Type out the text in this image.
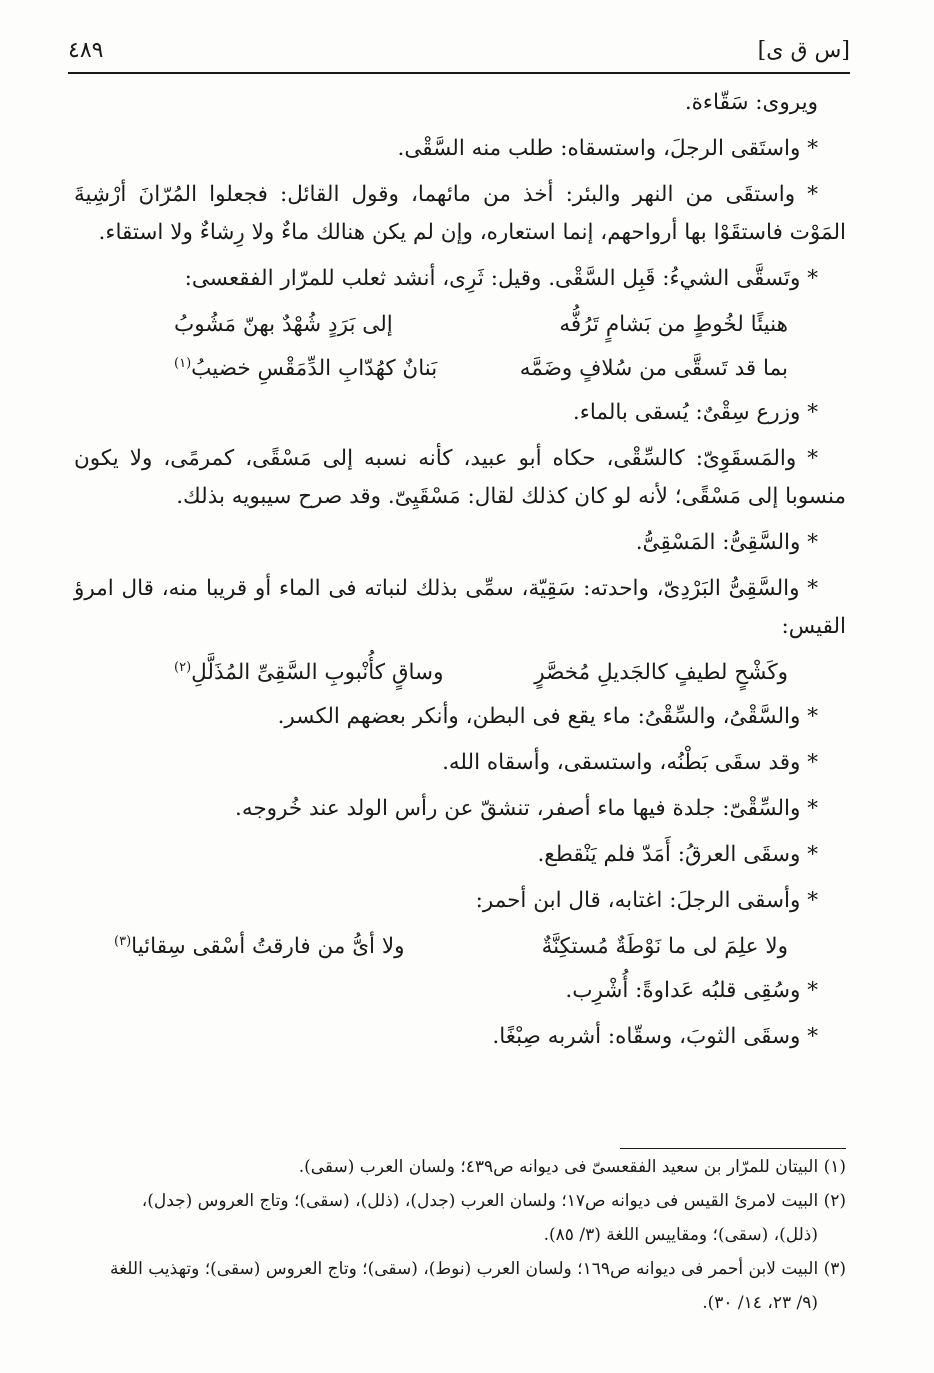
٤٨٩	[س ق ى]

ويروى: سَقّاءة.

* واستَقى الرجلَ، واستسقاه: طلب منه السَّقْى.

* واستقَى من النهر والبئر: أخذ من مائهما، وقول القائل: فجعلوا المُرّانَ أرْشِيةَ المَوْت فاستقَوْا بها أرواحهم، إنما استعاره، وإن لم يكن هنالك ماءٌ ولا رِشاءٌ ولا استقاء.

* وتَسقَّى الشيءُ: قَبِل السَّقْى. وقيل: ثَرِى، أنشد ثعلب للمرّار الفقعسى:

هنيئًا لخُوطٍ من بَشامٍ تَرُفُّه
إلى بَرَدٍ شُهْدٌ بهنّ مَشُوبُ
بما قد تَسقَّى من سُلافٍ وضَمَّه
بَنانٌ كهُدّابِ الدِّمَقْسِ خضيبُ$^{(١)}$

* وزرع سِقْىٌ: يُسقى بالماء.

* والمَسقَوِىّ: كالسِّقْى، حكاه أبو عبيد، كأنه نسبه إلى مَسْقًى، كمرمًى، ولا يكون منسوبا إلى مَسْقًى؛ لأنه لو كان كذلك لقال: مَسْقَيِىّ. وقد صرح سيبويه بذلك.

* والسَّقِىُّ: المَسْقِىُّ.

* والسَّقِىُّ البَرْدِىّ، واحدته: سَقِيّة، سمِّى بذلك لنباته فى الماء أو قريبا منه، قال امرؤ القيس:

وكَشْحٍ لطيفٍ كالجَديلِ مُخصَّرٍ
وساقٍ كأُنْبوبِ السَّقِىِّ المُذَلَّلِ$^{(٢)}$

* والسَّقْىُ، والسِّقْىُ: ماء يقع فى البطن، وأنكر بعضهم الكسر.

* وقد سقَى بَطْنُه، واستسقى، وأسقاه الله.

* والسِّقْىّ: جلدة فيها ماء أصفر، تنشقّ عن رأس الولد عند خُروجه.

* وسقَى العرقُ: أَمَدّ فلم يَنْقطع.

* وأسقى الرجلَ: اغتابه، قال ابن أحمر:

ولا علِمَ لى ما نَوْطَةٌ مُستكِنَّةٌ
ولا أىُّ من فارقتُ أسْقى سِقائيا$^{(٣)}$

* وسُقِى قلبُه عَداوةً: أُشْرِب.

* وسقَى الثوبَ، وسقّاه: أشربه صِبْغًا.

(١) البيتان للمرّار بن سعيد الفقعسىّ فى ديوانه ص٤٣٩؛ ولسان العرب (سقى).

(٢) البيت لامرئ القيس فى ديوانه ص١٧؛ ولسان العرب (جدل)، (ذلل)، (سقى)؛ وتاج العروس (جدل)،

(ذلل)، (سقى)؛ ومقاييس اللغة (٣/ ٨٥).

(٣) البيت لابن أحمر فى ديوانه ص١٦٩؛ ولسان العرب (نوط)، (سقى)؛ وتاج العروس (سقى)؛ وتهذيب اللغة

(٩/ ٢٣، ١٤/ ٣٠).
